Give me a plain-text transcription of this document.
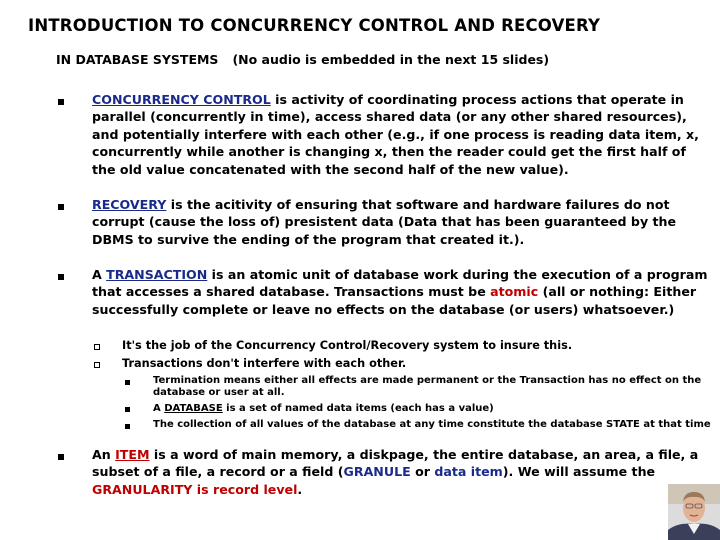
INTRODUCTION TO CONCURRENCY CONTROL AND RECOVERY
IN DATABASE SYSTEMS (No audio is embedded in the next 15 slides)
CONCURRENCY CONTROL is activity of coordinating process actions that operate in parallel (concurrently in time), access shared data (or any other shared resources), and potentially interfere with each other (e.g., if one process is reading data item, x, concurrently while another is changing x, then the reader could get the first half of the old value concatenated with the second half of the new value).
RECOVERY is the acitivity of ensuring that software and hardware failures do not corrupt (cause the loss of) presistent data (Data that has been guaranteed by the DBMS to survive the ending of the program that created it.).
A TRANSACTION is an atomic unit of database work during the execution of a program that accesses a shared database. Transactions must be atomic (all or nothing: Either successfully complete or leave no effects on the database (or users) whatsoever.)
It's the job of the Concurrency Control/Recovery system to insure this.
Transactions don't interfere with each other.
Termination means either all effects are made permanent or the Transaction has no effect on the database or user at all.
A DATABASE is a set of named data items (each has a value)
The collection of all values of the database at any time constitute the database STATE at that time
An ITEM is a word of main memory, a diskpage, the entire database, an area, a file, a subset of a file, a record or a field (GRANULE or data item). We will assume the GRANULARITY is record level.
